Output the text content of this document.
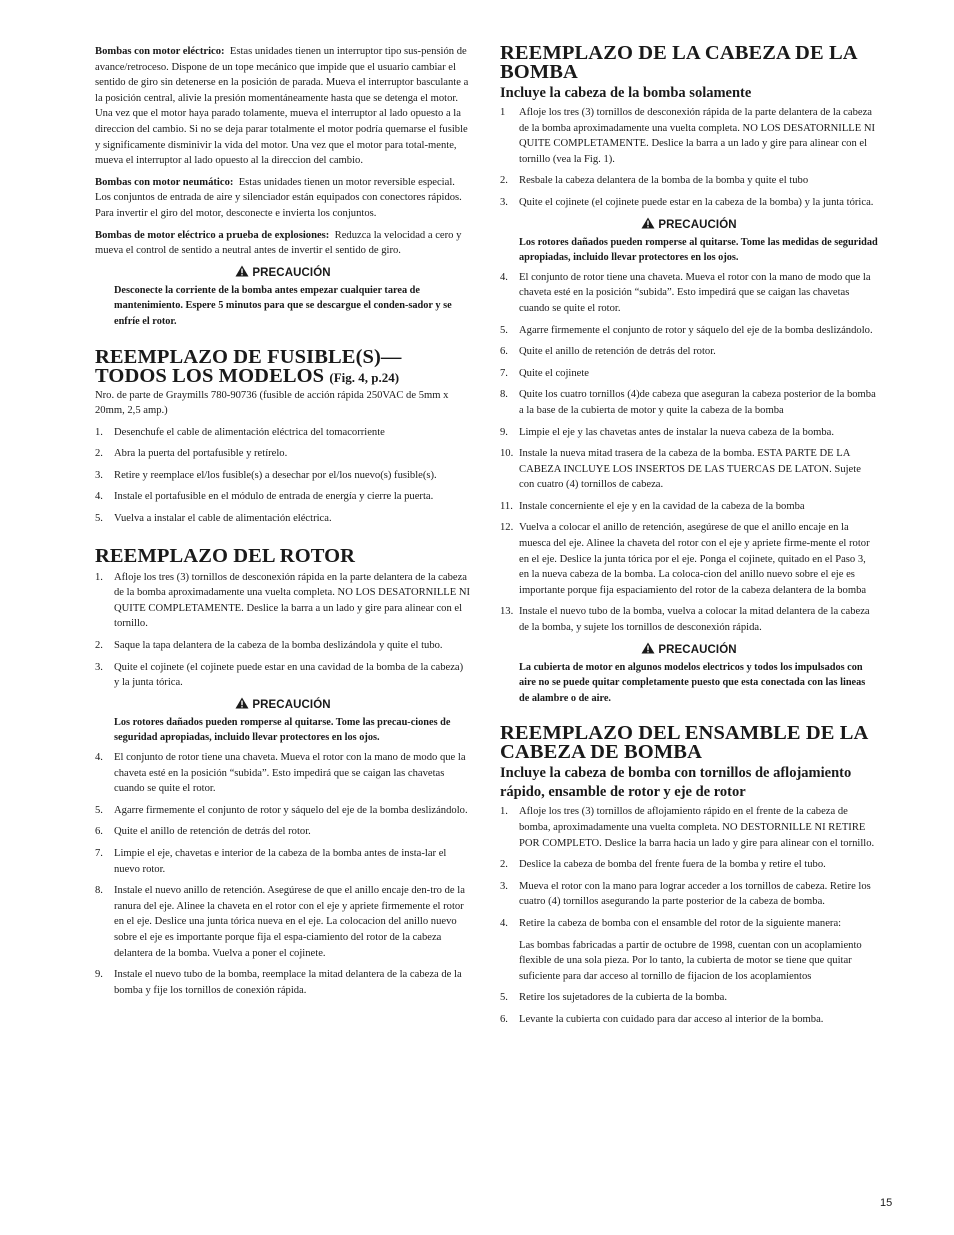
Bombas con motor eléctrico: Estas unidades tienen un interruptor tipo sus-pensión de avance/retroceso. Dispone de un tope mecánico que impide que el usuario cambiar el sentido de giro sin detenerse en la posición de parada. Mueva el interruptor basculante a la posición central, alivie la presión momentáneamente hasta que se detenga el motor. Una vez que el motor haya parado tolamente, mueva el interruptor al lado opuesto a la direccion del cambio. Si no se deja parar totalmente el motor podría quemarse el fusible y significamente disminivir la vida del motor. Una vez que el motor para total-mente, mueva el interruptor al lado opuesto al la direccion del cambio.

Bombas con motor neumático: Estas unidades tienen un motor reversible especial. Los conjuntos de entrada de aire y silenciador están equipados con conectores rápidos. Para invertir el giro del motor, desconecte e invierta los conjuntos.

Bombas de motor eléctrico a prueba de explosiones: Reduzca la velocidad a cero y mueva el control de sentido a neutral antes de invertir el sentido de giro.

PRECAUCIÓN

Desconecte la corriente de la bomba antes empezar cualquier tarea de mantenimiento. Espere 5 minutos para que se descargue el conden-sador y se enfríe el rotor.

REEMPLAZO DE FUSIBLE(S)—
TODOS LOS MODELOS (Fig. 4, p.24)

Nro. de parte de Graymills 780-90736 (fusible de acción rápida 250VAC de 5mm x 20mm, 2,5 amp.)

1. Desenchufe el cable de alimentación eléctrica del tomacorriente
2. Abra la puerta del portafusible y retírelo.
3. Retire y reemplace el/los fusible(s) a desechar por el/los nuevo(s) fusible(s).
4. Instale el portafusible en el módulo de entrada de energía y cierre la puerta.
5. Vuelva a instalar el cable de alimentación eléctrica.
REEMPLAZO DEL ROTOR
1. Afloje los tres (3) tornillos de desconexión rápida en la parte delantera de la cabeza de la bomba aproximadamente una vuelta completa. NO LOS DESATORNILLE NI QUITE COMPLETAMENTE. Deslice la barra a un lado y gire para alinear con el tornillo.
2. Saque la tapa delantera de la cabeza de la bomba deslizándola y quite el tubo.
3. Quite el cojinete (el cojinete puede estar en una cavidad de la bomba de la cabeza) y la junta tórica.
PRECAUCIÓN

Los rotores dañados pueden romperse al quitarse. Tome las precau-ciones de seguridad apropiadas, incluido llevar protectores en los ojos.

4. El conjunto de rotor tiene una chaveta. Mueva el rotor con la mano de modo que la chaveta esté en la posición “subida”. Esto impedirá que se caigan las chavetas cuando se quite el rotor.
5. Agarre firmemente el conjunto de rotor y sáquelo del eje de la bomba deslizándolo.
6. Quite el anillo de retención de detrás del rotor.
7. Limpie el eje, chavetas e interior de la cabeza de la bomba antes de insta-lar el nuevo rotor.
8. Instale el nuevo anillo de retención. Asegúrese de que el anillo encaje den-tro de la ranura del eje. Alinee la chaveta en el rotor con el eje y apriete firmemente el rotor en el eje. Deslice una junta tórica nueva en el eje. La colocacion del anillo nuevo sobre el eje es importante porque fija el espa-ciamiento del rotor de la cabeza delantera de la bomba. Vuelva a poner el cojinete.
9. Instale el nuevo tubo de la bomba, reemplace la mitad delantera de la cabeza de la bomba y fije los tornillos de conexión rápida.
REEMPLAZO DE LA CABEZA DE LA
BOMBA
Incluye la cabeza de la bomba solamente
1 Afloje los tres (3) tornillos de desconexión rápida de la parte delantera de la cabeza de la bomba aproximadamente una vuelta completa. NO LOS DESATORNILLE NI QUITE COMPLETAMENTE. Deslice la barra a un lado y gire para alinear con el tornillo (vea la Fig. 1).
2. Resbale la cabeza delantera de la bomba de la bomba y quite el tubo
3. Quite el cojinete (el cojinete puede estar en la cabeza de la bomba) y la junta tórica.
PRECAUCIÓN

Los rotores dañados pueden romperse al quitarse. Tome las medidas de seguridad apropiadas, incluido llevar protectores en los ojos.

4. El conjunto de rotor tiene una chaveta. Mueva el rotor con la mano de modo que la chaveta esté en la posición “subida”. Esto impedirá que se caigan las chavetas cuando se quite el rotor.
5. Agarre firmemente el conjunto de rotor y sáquelo del eje de la bomba deslizándolo.
6. Quite el anillo de retención de detrás del rotor.
7. Quite el cojinete
8. Quite los cuatro tornillos (4)de cabeza que aseguran la cabeza posterior de la bomba a la base de la cubierta de motor y quite la cabeza de la bomba
9. Limpie el eje y las chavetas antes de instalar la nueva cabeza de la bomba.
10. Instale la nueva mitad trasera de la cabeza de la bomba. ESTA PARTE DE LA CABEZA INCLUYE LOS INSERTOS DE LAS TUERCAS DE LATON. Sujete con cuatro (4) tornillos de cabeza.
11. Instale concerniente el eje y en la cavidad de la cabeza de la bomba
12. Vuelva a colocar el anillo de retención, asegúrese de que el anillo encaje en la muesca del eje. Alinee la chaveta del rotor con el eje y apriete firme-mente el rotor en el eje. Deslice la junta tórica por el eje. Ponga el cojinete, quitado en el Paso 3, en la nueva cabeza de la bomba. La coloca-cion del anillo nuevo sobre el eje es importante porque fija espaciamiento del rotor de la cabeza delantera de la bomba
13. Instale el nuevo tubo de la bomba, vuelva a colocar la mitad delantera de la cabeza de la bomba, y sujete los tornillos de desconexión rápida.
PRECAUCIÓN

La cubierta de motor en algunos modelos electricos y todos los impulsados con aire no se puede quitar completamente puesto que esta conectada con las lineas de alambre o de aire.

REEMPLAZO DEL ENSAMBLE DE LA
CABEZA DE BOMBA
Incluye la cabeza de bomba con tornillos de aflojamiento rápido, ensamble de rotor y eje de rotor
1. Afloje los tres (3) tornillos de aflojamiento rápido en el frente de la cabeza de bomba, aproximadamente una vuelta completa. NO DESTORNILLE NI RETIRE POR COMPLETO. Deslice la barra hacia un lado y gire para alinear con el tornillo.
2. Deslice la cabeza de bomba del frente fuera de la bomba y retire el tubo.
3. Mueva el rotor con la mano para lograr acceder a los tornillos de cabeza. Retire los cuatro (4) tornillos asegurando la parte posterior de la cabeza de bomba.
4. Retire la cabeza de bomba con el ensamble del rotor de la siguiente manera:
Las bombas fabricadas a partir de octubre de 1998, cuentan con un acoplamiento flexible de una sola pieza. Por lo tanto, la cubierta de motor se tiene que quitar suficiente para dar acceso al tornillo de fijacion de los acoplamientos
5. Retire los sujetadores de la cubierta de la bomba.
6. Levante la cubierta con cuidado para dar acceso al interior de la bomba.
15
